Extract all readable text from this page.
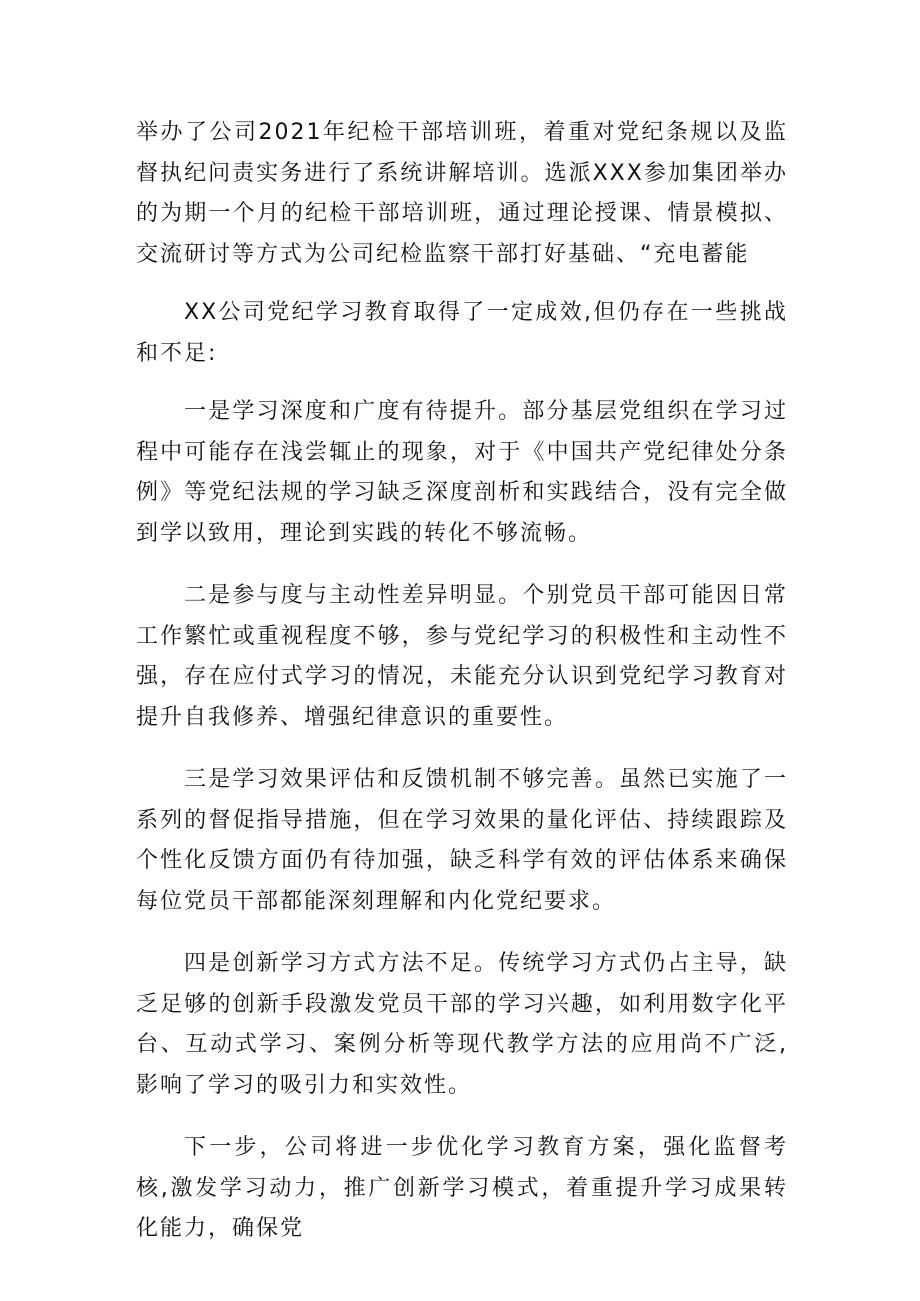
举办了公司2021年纪检干部培训班，着重对党纪条规以及监督执纪问责实务进行了系统讲解培训。选派XXX参加集团举办的为期一个月的纪检干部培训班，通过理论授课、情景模拟、交流研讨等方式为公司纪检监察干部打好基础、“充电蓄能

XX公司党纪学习教育取得了一定成效,但仍存在一些挑战和不足:

一是学习深度和广度有待提升。部分基层党组织在学习过程中可能存在浅尝辄止的现象，对于《中国共产党纪律处分条例》等党纪法规的学习缺乏深度剖析和实践结合，没有完全做到学以致用，理论到实践的转化不够流畅。

二是参与度与主动性差异明显。个别党员干部可能因日常工作繁忙或重视程度不够，参与党纪学习的积极性和主动性不强，存在应付式学习的情况，未能充分认识到党纪学习教育对提升自我修养、增强纪律意识的重要性。

三是学习效果评估和反馈机制不够完善。虽然已实施了一系列的督促指导措施，但在学习效果的量化评估、持续跟踪及个性化反馈方面仍有待加强，缺乏科学有效的评估体系来确保每位党员干部都能深刻理解和内化党纪要求。

四是创新学习方式方法不足。传统学习方式仍占主导，缺乏足够的创新手段激发党员干部的学习兴趣，如利用数字化平台、互动式学习、案例分析等现代教学方法的应用尚不广泛,影响了学习的吸引力和实效性。

下一步，公司将进一步优化学习教育方案，强化监督考核,激发学习动力，推广创新学习模式，着重提升学习成果转化能力，确保党
